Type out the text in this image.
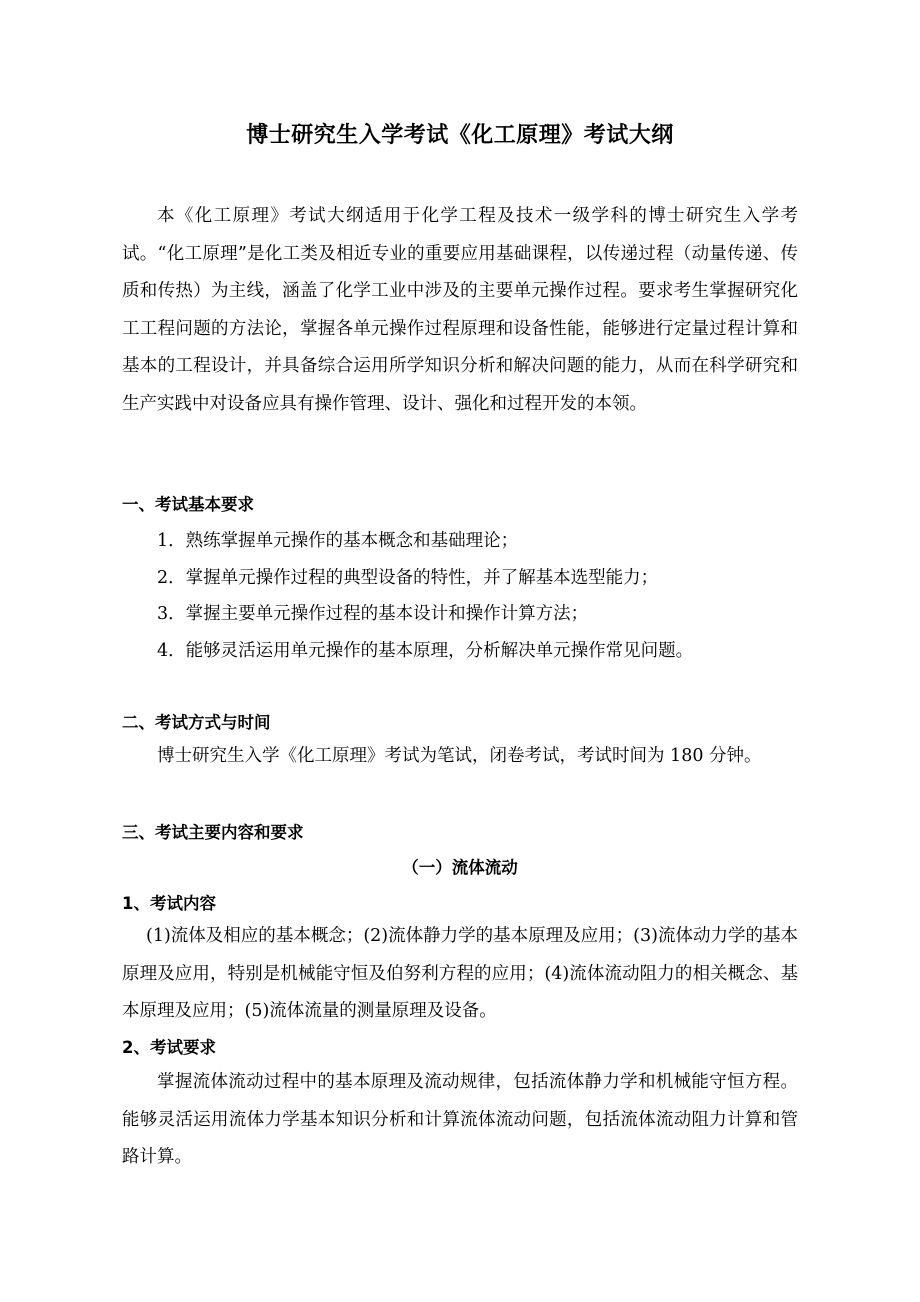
博士研究生入学考试《化工原理》考试大纲

本《化工原理》考试大纲适用于化学工程及技术一级学科的博士研究生入学考试。“化工原理”是化工类及相近专业的重要应用基础课程，以传递过程（动量传递、传质和传热）为主线，涵盖了化学工业中涉及的主要单元操作过程。要求考生掌握研究化工工程问题的方法论，掌握各单元操作过程原理和设备性能，能够进行定量过程计算和基本的工程设计，并具备综合运用所学知识分析和解决问题的能力，从而在科学研究和生产实践中对设备应具有操作管理、设计、强化和过程开发的本领。

一、考试基本要求
1．熟练掌握单元操作的基本概念和基础理论；
2．掌握单元操作过程的典型设备的特性，并了解基本选型能力；
3．掌握主要单元操作过程的基本设计和操作计算方法；
4．能够灵活运用单元操作的基本原理，分析解决单元操作常见问题。
二、考试方式与时间
博士研究生入学《化工原理》考试为笔试，闭卷考试，考试时间为 180 分钟。
三、考试主要内容和要求
（一）流体流动
1、考试内容

(1)流体及相应的基本概念；(2)流体静力学的基本原理及应用；(3)流体动力学的基本原理及应用，特别是机械能守恒及伯努利方程的应用；(4)流体流动阻力的相关概念、基本原理及应用；(5)流体流量的测量原理及设备。

2、考试要求

掌握流体流动过程中的基本原理及流动规律，包括流体静力学和机械能守恒方程。能够灵活运用流体力学基本知识分析和计算流体流动问题，包括流体流动阻力计算和管路计算。
